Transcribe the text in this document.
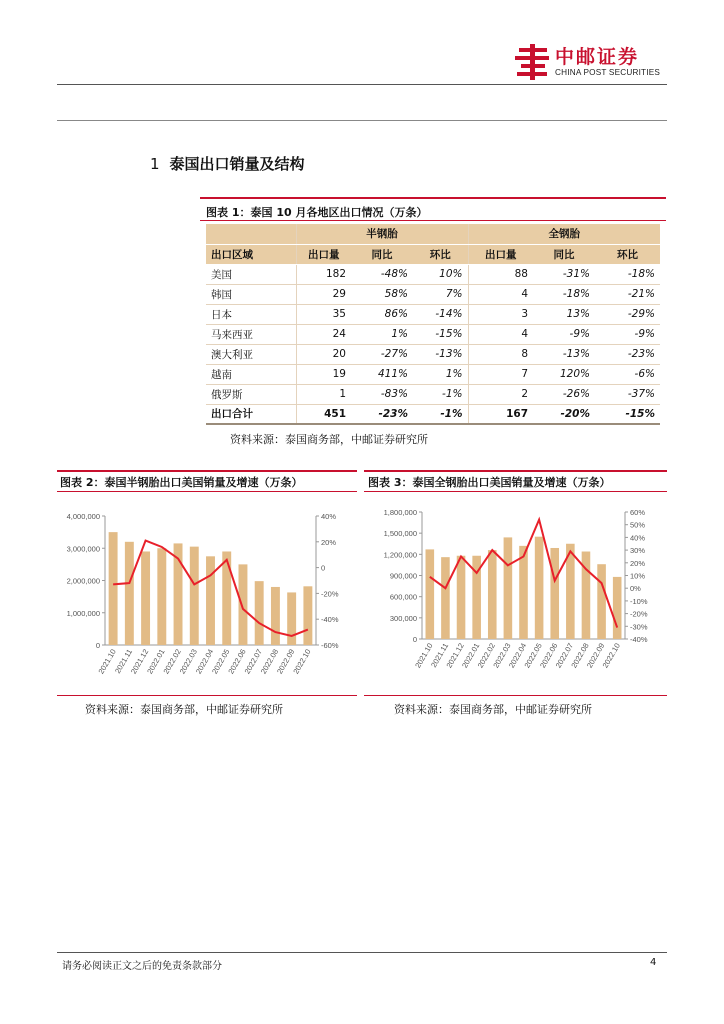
中邮证券
CHINA POST SECURITIES
1 泰国出口销量及结构
图表 1：泰国 10 月各地区出口情况（万条）
	半钢胎			全钢胎		
出口区域	出口量	同比	环比	出口量	同比	环比
美国	182	-48%	10%	88	-31%	-18%
韩国	29	58%	7%	4	-18%	-21%
日本	35	86%	-14%	3	13%	-29%
马来西亚	24	1%	-15%	4	-9%	-9%
澳大利亚	20	-27%	-13%	8	-13%	-23%
越南	19	411%	1%	7	120%	-6%
俄罗斯	1	-83%	-1%	2	-26%	-37%
出口合计	451	-23%	-1%	167	-20%	-15%
资料来源：泰国商务部，中邮证券研究所
图表 2：泰国半钢胎出口美国销量及增速（万条）	图表 3：泰国全钢胎出口美国销量及增速（万条）
0
1,000,000
2,000,000
3,000,000
4,000,000
-60%
-40%
-20%
0
20%
40%
2021.10
2021.11
2021.12
2022.01
2022.02
2022.03
2022.04
2022.05
2022.06
2022.07
2022.08
2022.09
2022.10
0
300,000
600,000
900,000
1,200,000
1,500,000
1,800,000
-40%
-30%
-20%
-10%
0%
10%
20%
30%
40%
50%
60%
2021.10
2021.11
2021.12
2022.01
2022.02
2022.03
2022.04
2022.05
2022.06
2022.07
2022.08
2022.09
2022.10
资料来源：泰国商务部，中邮证券研究所	资料来源：泰国商务部，中邮证券研究所
请务必阅读正文之后的免责条款部分	4
